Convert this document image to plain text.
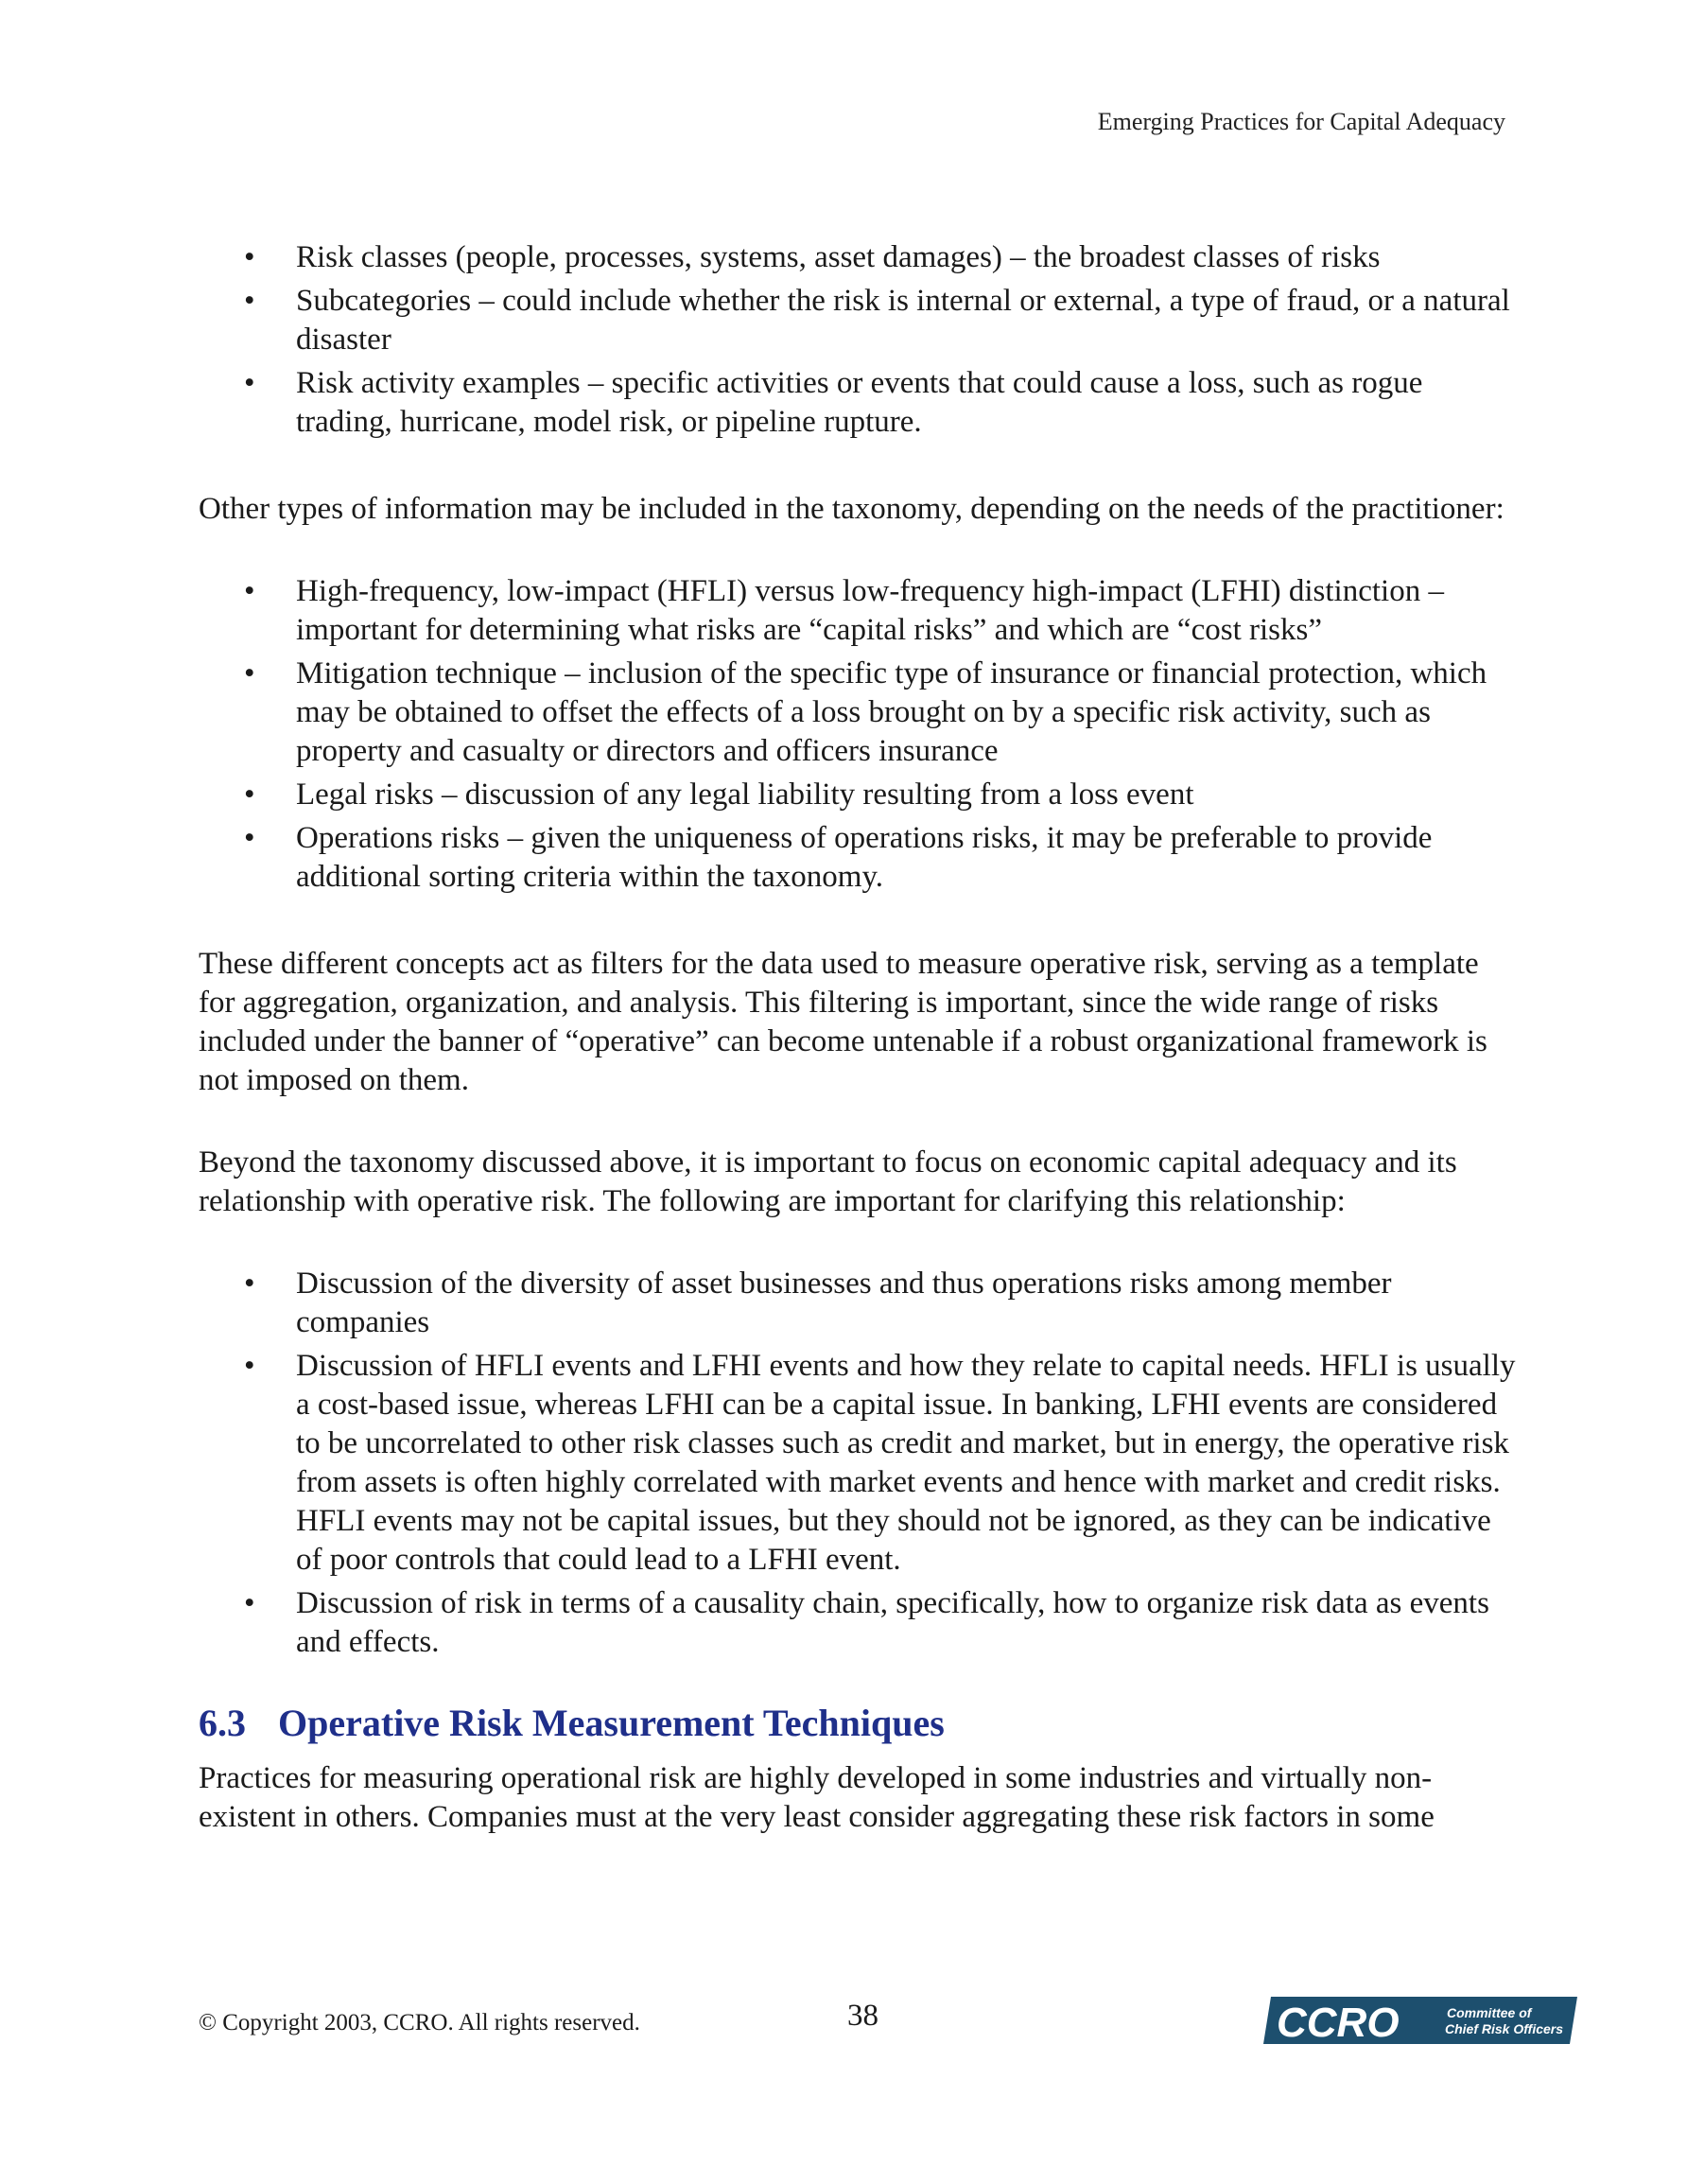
Emerging Practices for Capital Adequacy
• Risk classes (people, processes, systems, asset damages) – the broadest classes of risks
• Subcategories – could include whether the risk is internal or external, a type of fraud, or a natural disaster
• Risk activity examples – specific activities or events that could cause a loss, such as rogue trading, hurricane, model risk, or pipeline rupture.

Other types of information may be included in the taxonomy, depending on the needs of the practitioner:

• High-frequency, low-impact (HFLI) versus low-frequency high-impact (LFHI) distinction – important for determining what risks are “capital risks” and which are “cost risks”
• Mitigation technique – inclusion of the specific type of insurance or financial protection, which may be obtained to offset the effects of a loss brought on by a specific risk activity, such as property and casualty or directors and officers insurance
• Legal risks – discussion of any legal liability resulting from a loss event
• Operations risks – given the uniqueness of operations risks, it may be preferable to provide additional sorting criteria within the taxonomy.

These different concepts act as filters for the data used to measure operative risk, serving as a template for aggregation, organization, and analysis. This filtering is important, since the wide range of risks included under the banner of “operative” can become untenable if a robust organizational framework is not imposed on them.

Beyond the taxonomy discussed above, it is important to focus on economic capital adequacy and its relationship with operative risk. The following are important for clarifying this relationship:

• Discussion of the diversity of asset businesses and thus operations risks among member companies
• Discussion of HFLI events and LFHI events and how they relate to capital needs. HFLI is usually a cost-based issue, whereas LFHI can be a capital issue. In banking, LFHI events are considered to be uncorrelated to other risk classes such as credit and market, but in energy, the operative risk from assets is often highly correlated with market events and hence with market and credit risks. HFLI events may not be capital issues, but they should not be ignored, as they can be indicative of poor controls that could lead to a LFHI event.
• Discussion of risk in terms of a causality chain, specifically, how to organize risk data as events and effects.
6.3 Operative Risk Measurement Techniques

Practices for measuring operational risk are highly developed in some industries and virtually non-existent in others. Companies must at the very least consider aggregating these risk factors in some

© Copyright 2003, CCRO. All rights reserved.	38	CCRO	Committee of
Chief Risk Officers
